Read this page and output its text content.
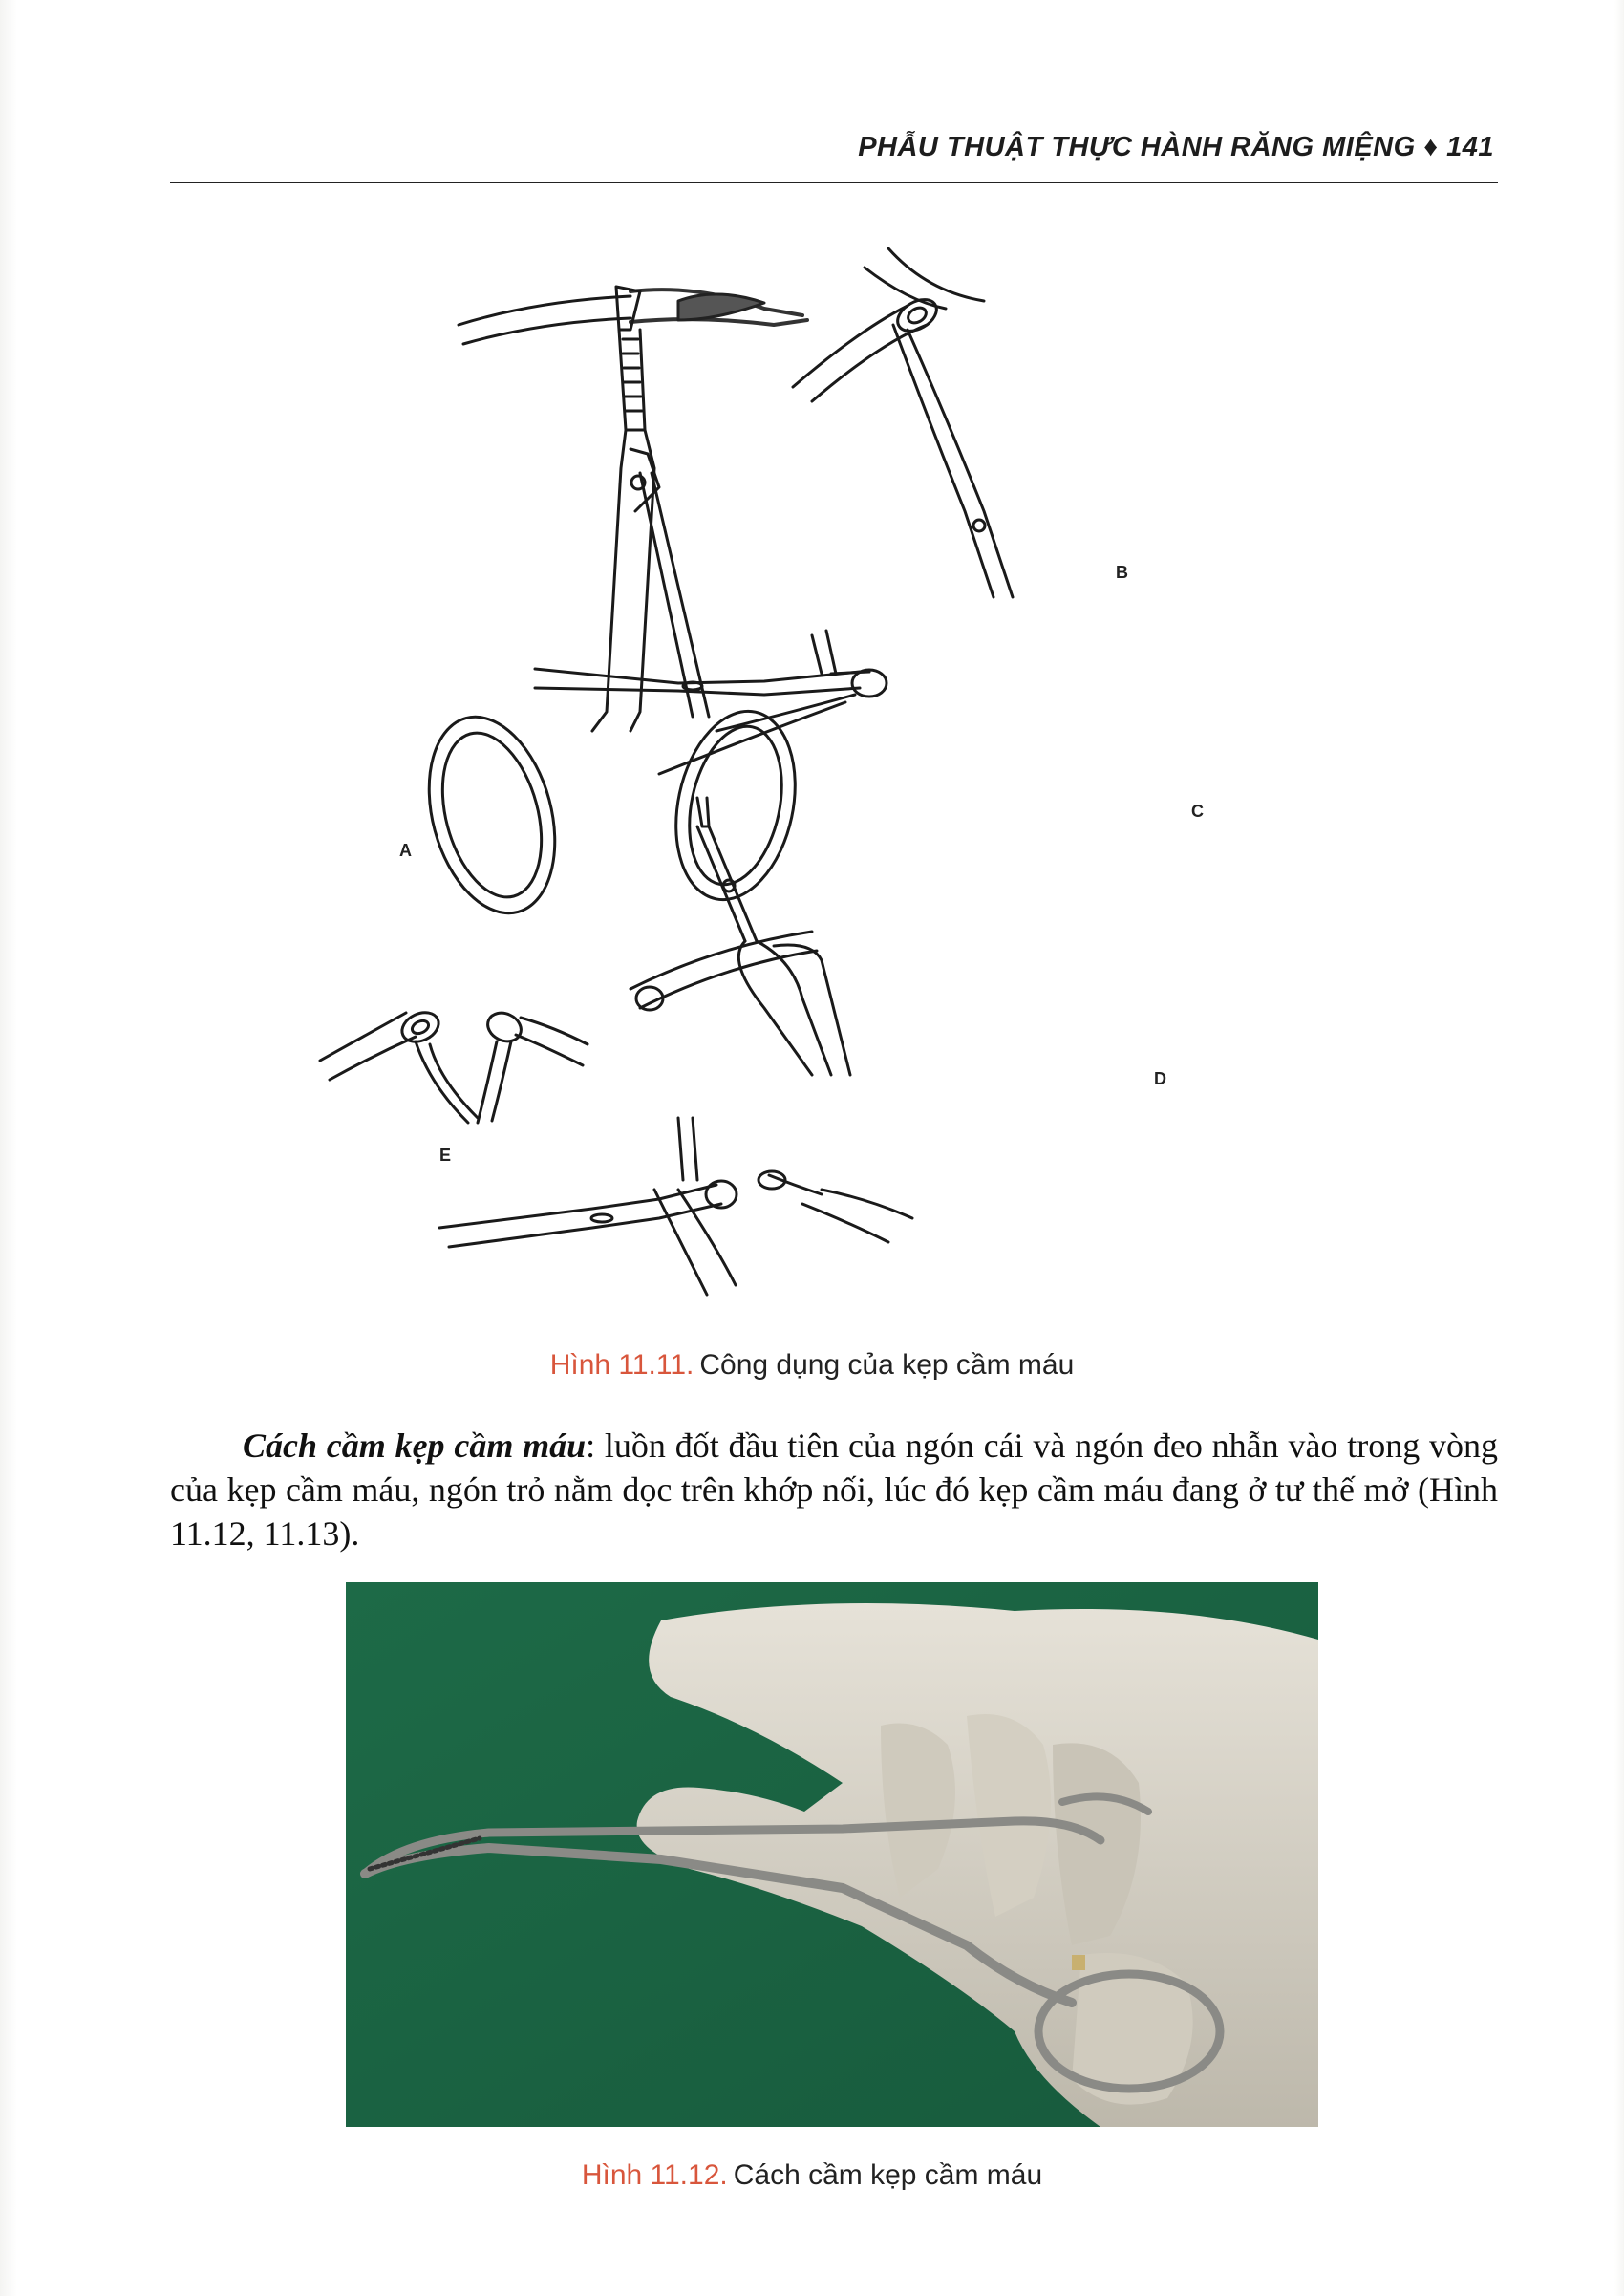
PHẪU THUẬT THỰC HÀNH RĂNG MIỆNG ♦ 141
A
B
C
D
E
Hình 11.11. Công dụng của kẹp cầm máu
Cách cầm kẹp cầm máu: luồn đốt đầu tiên của ngón cái và ngón đeo nhẫn vào trong vòng của kẹp cầm máu, ngón trỏ nằm dọc trên khớp nối, lúc đó kẹp cầm máu đang ở tư thế mở (Hình 11.12, 11.13).
Hình 11.12. Cách cầm kẹp cầm máu
